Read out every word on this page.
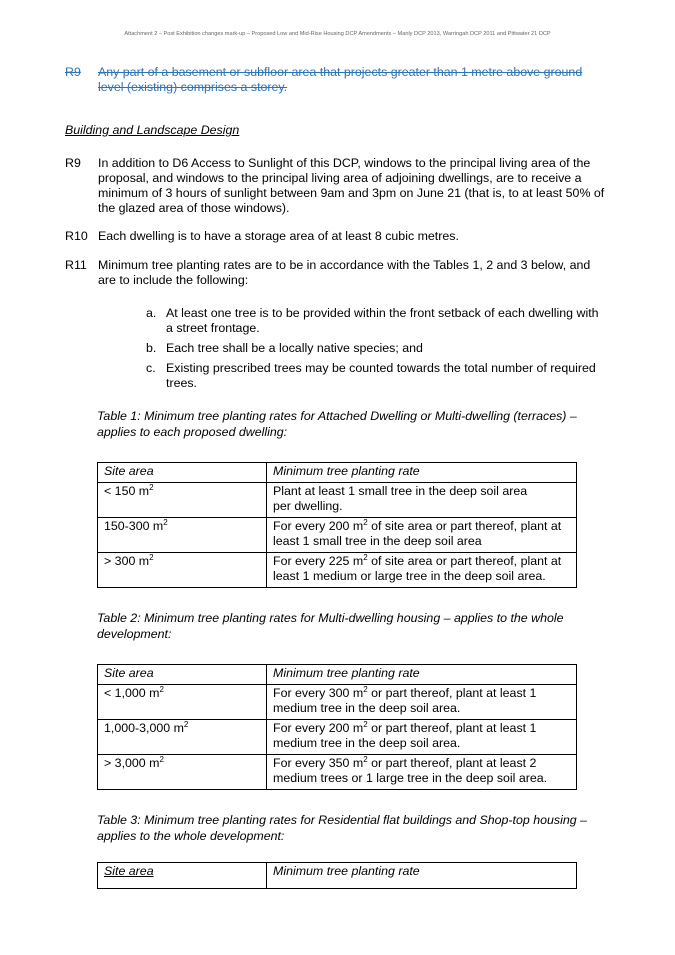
Attachment 2 – Post Exhibition changes mark-up – Proposed Low and Mid-Rise Housing DCP Amendments – Manly DCP 2013, Warringah DCP 2011 and Pittwater 21 DCP
R9 Any part of a basement or subfloor area that projects greater than 1 metre above ground
level (existing) comprises a storey.
Building and Landscape Design
R9 In addition to D6 Access to Sunlight of this DCP, windows to the principal living area of the
proposal, and windows to the principal living area of adjoining dwellings, are to receive a
minimum of 3 hours of sunlight between 9am and 3pm on June 21 (that is, to at least 50% of
the glazed area of those windows).
R10 Each dwelling is to have a storage area of at least 8 cubic metres.
R11 Minimum tree planting rates are to be in accordance with the Tables 1, 2 and 3 below, and
are to include the following:
a. At least one tree is to be provided within the front setback of each dwelling with
a street frontage.
b. Each tree shall be a locally native species; and
c. Existing prescribed trees may be counted towards the total number of required
trees.
Table 1: Minimum tree planting rates for Attached Dwelling or Multi-dwelling (terraces) –
applies to each proposed dwelling:
Site area	Minimum tree planting rate
< 150 $m^2$	Plant at least 1 small tree in the deep soil area
per dwelling.

150-300 $m^2$	For every 200 $m^2$ of site area or part thereof, plant at
least 1 small tree in the deep soil area

> 300 $m^2$	For every 225 $m^2$ of site area or part thereof, plant at
least 1 medium or large tree in the deep soil area.
Table 2: Minimum tree planting rates for Multi-dwelling housing – applies to the whole
development:
Site area	Minimum tree planting rate
< 1,000 $m^2$	For every 300 $m^2$ or part thereof, plant at least 1
medium tree in the deep soil area.

1,000-3,000 $m^2$	For every 200 $m^2$ or part thereof, plant at least 1
medium tree in the deep soil area.

> 3,000 $m^2$	For every 350 $m^2$ or part thereof, plant at least 2
medium trees or 1 large tree in the deep soil area.
Table 3: Minimum tree planting rates for Residential flat buildings and Shop-top housing –
applies to the whole development:
Site area	Minimum tree planting rate
